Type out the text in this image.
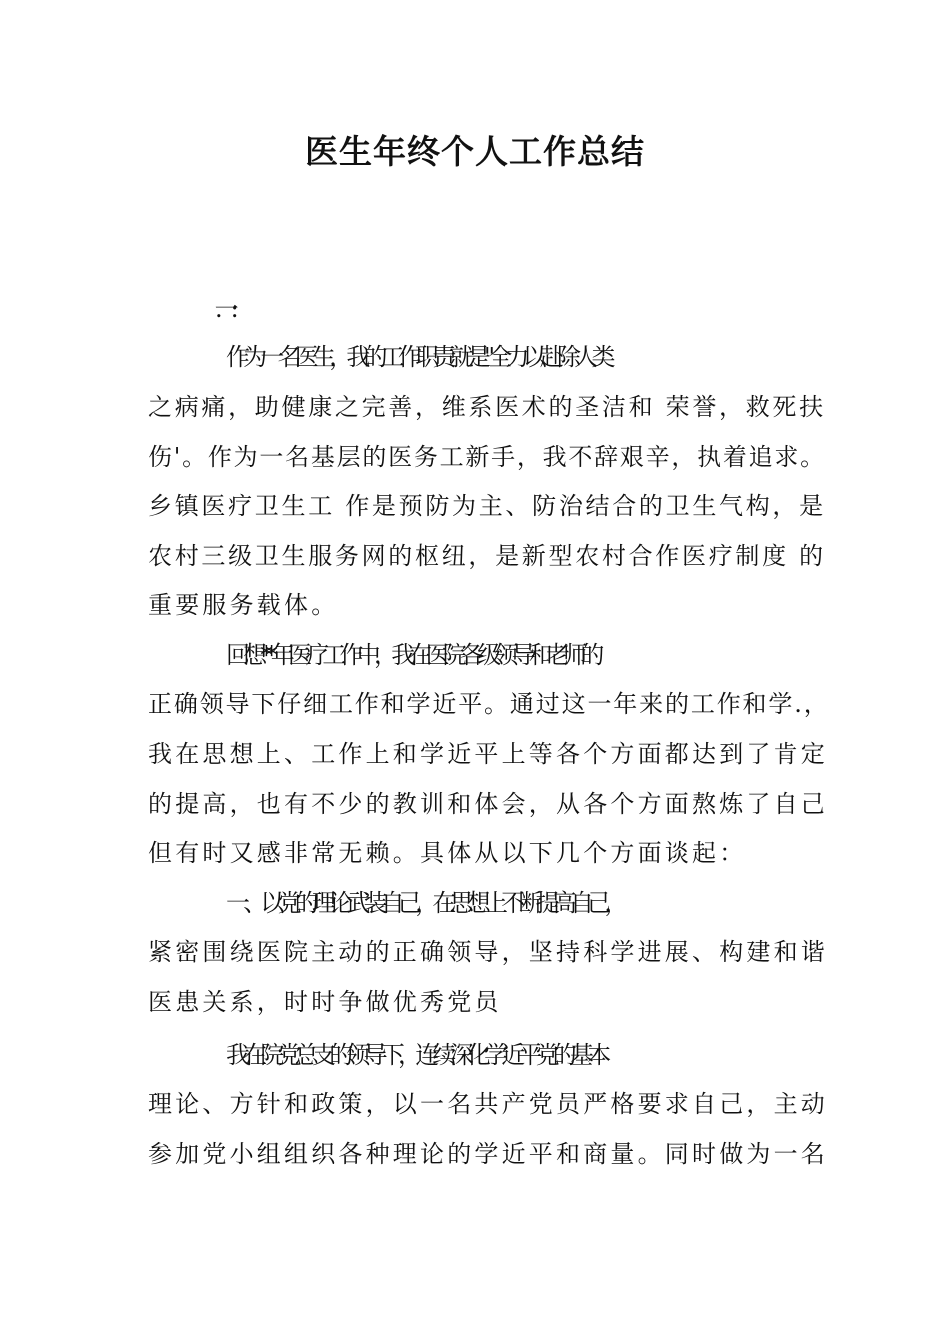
医生年终个人工作总结
.一:
作为一名医生，我的工作职责就是"全力以赴除人类
之病痛，助健康之完善，维系医术的圣洁和 荣誉，救死扶
伤'。作为一名基层的医务工新手，我不辞艰辛，执着追求。
乡镇医疗卫生工 作是预防为主、防治结合的卫生气构，是
农村三级卫生服务网的枢纽，是新型农村合作医疗制度 的
重要服务载体。
回想**年医疗工作中，我在医院各级领导和老师的
正确领导下仔细工作和学近平。通过这一年来的工作和学.，
我在思想上、工作上和学近平上等各个方面都达到了肯定
的提高，也有不少的教训和体会，从各个方面熬炼了自己
但有时又感非常无赖。具体从以下几个方面谈起：
一、以党的理论武装自己，在思想上不断提高自己，
紧密围绕医院主动的正确领导，坚持科学进展、构建和谐
医患关系，时时争做优秀党员
我在院党总支的领导下，连续深化学近平党的基本
理论、方针和政策，以一名共产党员严格要求自己，主动
参加党小组组织各种理论的学近平和商量。同时做为一名
